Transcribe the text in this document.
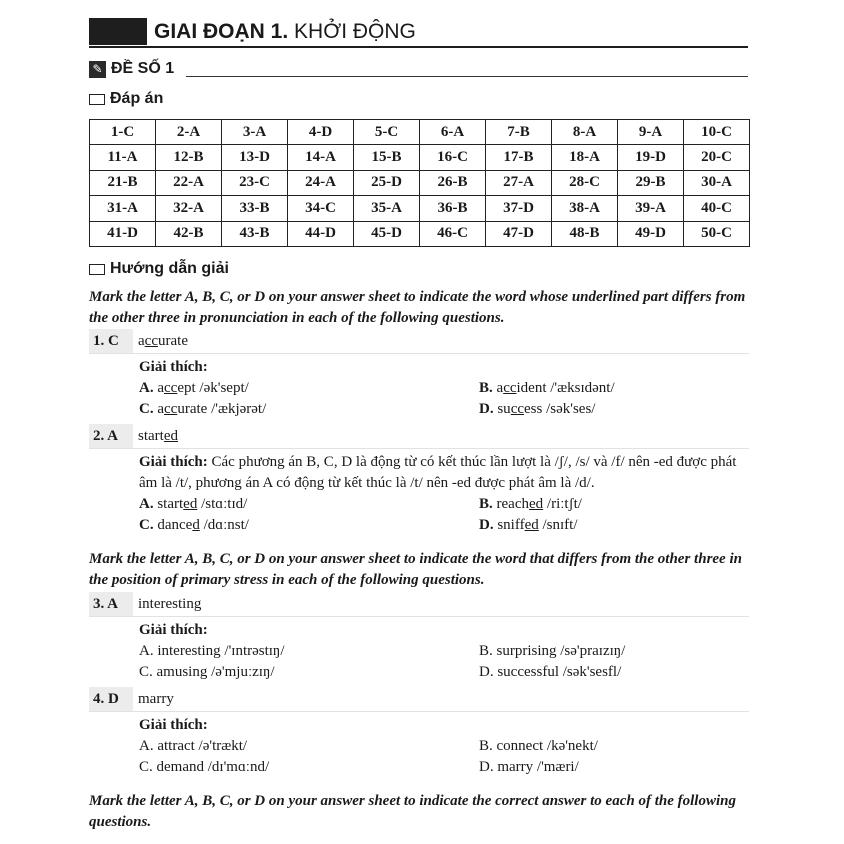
GIAI ĐOẠN 1. KHỞI ĐỘNG
✎ ĐỀ SỐ 1
Đáp án
1-C	2-A	3-A	4-D	5-C	6-A	7-B	8-A	9-A	10-C
11-A	12-B	13-D	14-A	15-B	16-C	17-B	18-A	19-D	20-C
21-B	22-A	23-C	24-A	25-D	26-B	27-A	28-C	29-B	30-A
31-A	32-A	33-B	34-C	35-A	36-B	37-D	38-A	39-A	40-C
41-D	42-B	43-B	44-D	45-D	46-C	47-D	48-B	49-D	50-C
Hướng dẫn giải
Mark the letter A, B, C, or D on your answer sheet to indicate the word whose underlined part differs from the other three in pronunciation in each of the following questions.
1. C	accurate
Giải thích:
A. accept /ək'sept/	B. accident /'æksɪdənt/
C. accurate /'ækjərət/	D. success /sək'ses/
2. A	started
Giải thích: Các phương án B, C, D là động từ có kết thúc lần lượt là /ʃ/, /s/ và /f/ nên -ed được phát âm là /t/, phương án A có động từ kết thúc là /t/ nên -ed được phát âm là /d/.
A. started /stɑːtɪd/	B. reached /riːtʃt/
C. danced /dɑːnst/	D. sniffed /snɪft/
Mark the letter A, B, C, or D on your answer sheet to indicate the word that differs from the other three in the position of primary stress in each of the following questions.
3. A	interesting
Giải thích:
A. interesting /'ɪntrəstɪŋ/	B. surprising /sə'praɪzɪŋ/
C. amusing /ə'mjuːzɪŋ/	D. successful /sək'sesfl/
4. D	marry
Giải thích:
A. attract /ə'trækt/	B. connect /kə'nekt/
C. demand /dɪ'mɑːnd/	D. marry /'mæri/
Mark the letter A, B, C, or D on your answer sheet to indicate the correct answer to each of the following questions.
